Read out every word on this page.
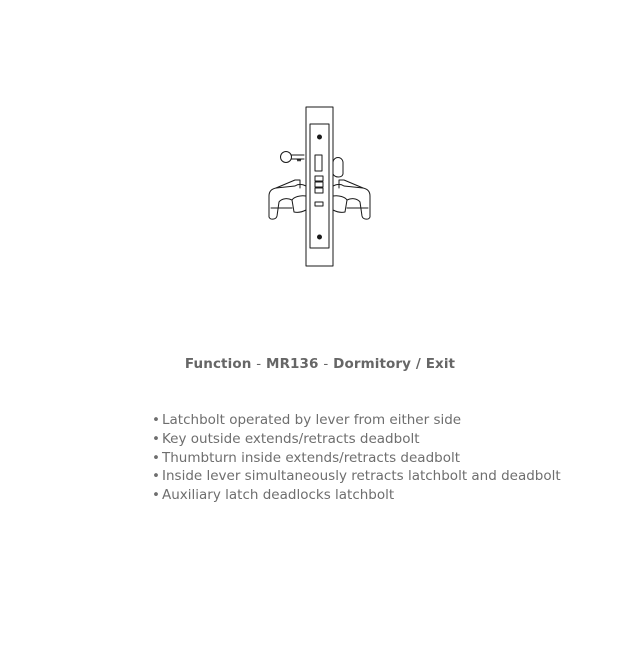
Function - MR136 - Dormitory / Exit
• Latchbolt operated by lever from either side
• Key outside extends/retracts deadbolt
• Thumbturn inside extends/retracts deadbolt
• Inside lever simultaneously retracts latchbolt and deadbolt
• Auxiliary latch deadlocks latchbolt
